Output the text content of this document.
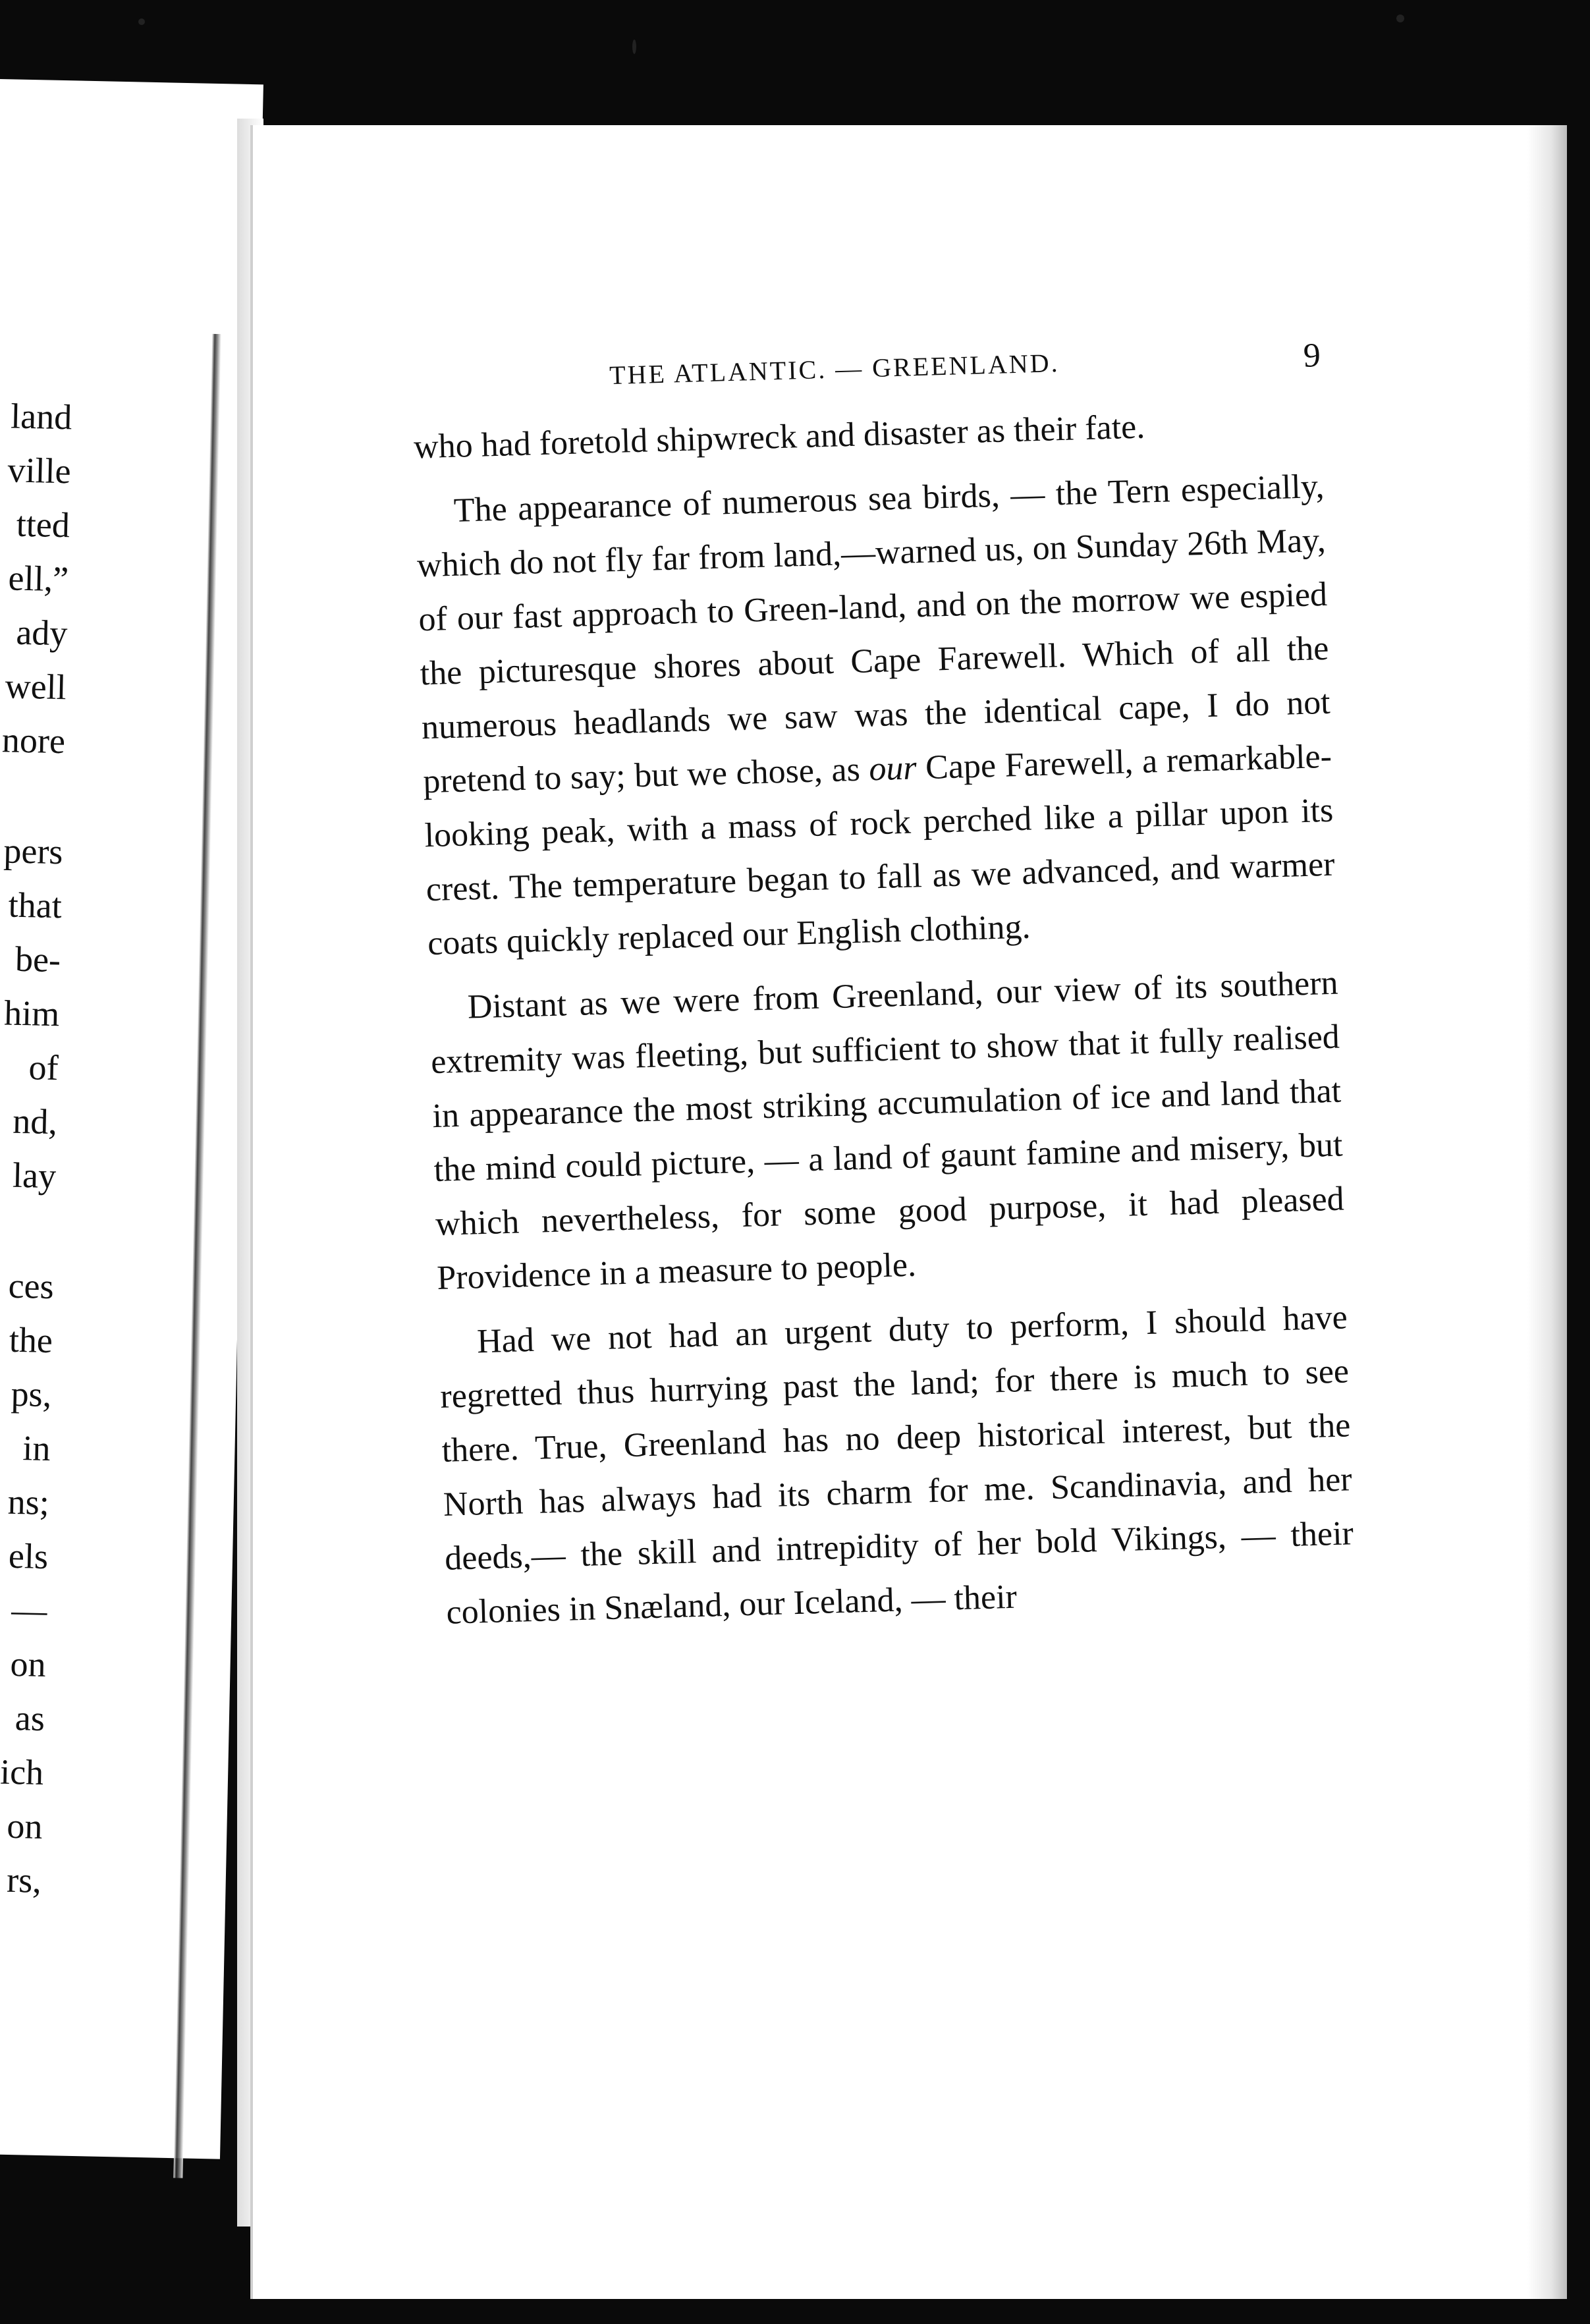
land
ville
tted
ell,”
ady
well
nore
pers
that
be-
him
of
nd,
lay
ces
the
ps,
in
ns;
els
—
on
as
ich
on
rs,
THE ATLANTIC. — GREENLAND.	9

who had foretold shipwreck and disaster as their fate.

The appearance of numerous sea birds, — the Tern especially, which do not fly far from land,—warned us, on Sunday 26th May, of our fast approach to Green-land, and on the morrow we espied the picturesque shores about Cape Farewell. Which of all the numerous headlands we saw was the identical cape, I do not pretend to say; but we chose, as our Cape Farewell, a remarkable-looking peak, with a mass of rock perched like a pillar upon its crest. The temperature began to fall as we advanced, and warmer coats quickly replaced our English clothing.

Distant as we were from Greenland, our view of its southern extremity was fleeting, but sufficient to show that it fully realised in appearance the most striking accumulation of ice and land that the mind could picture, — a land of gaunt famine and misery, but which nevertheless, for some good purpose, it had pleased Providence in a measure to people.

Had we not had an urgent duty to perform, I should have regretted thus hurrying past the land; for there is much to see there. True, Greenland has no deep historical interest, but the North has always had its charm for me. Scandinavia, and her deeds,— the skill and intrepidity of her bold Vikings, — their colonies in Snæland, our Iceland, — their
